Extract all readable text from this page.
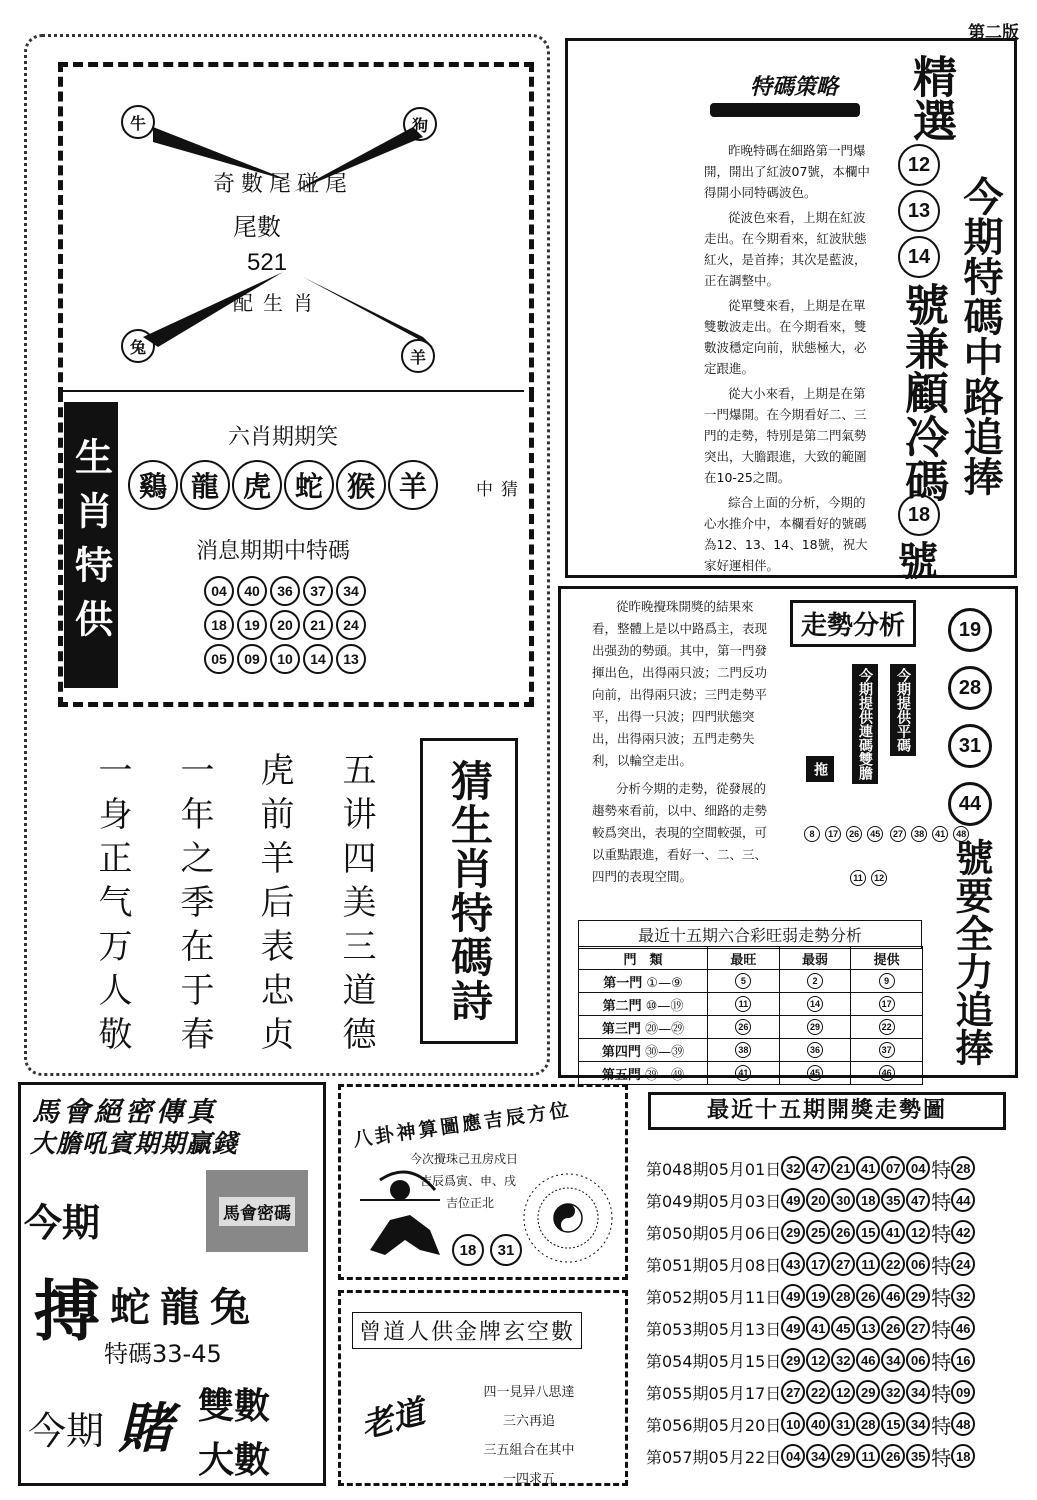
第二版
牛	狗
兔
羊
奇數尾碰尾
尾數
521
配生肖
生肖特供	六肖期期笑
鷄 龍 虎 蛇 猴 羊	猜中
消息期期中特碼
04	40	36	37	34
18	19	20	21	24
05	09	10	14	13
五讲四美三道德
虎前羊后表忠贞
一年之季在于春
一身正气万人敬	猜生肖特碼詩
特碼策略

昨晚特碼在細路第一門爆開，開出了紅波07號，本欄中得開小同特碼波色。

從波色來看，上期在紅波走出。在今期看來，紅波狀態紅火，是首捧；其次是藍波，正在調整中。

從單雙來看，上期是在單雙數波走出。在今期看來，雙數波穩定向前，狀態極大，必定跟進。

從大小來看，上期是在第一門爆開。在今期看好二、三門的走勢，特別是第二門氣勢突出，大膽跟進，大致的範圍在10-25之間。

綜合上面的分析，今期的心水推介中，本欄看好的號碼為12、13、14、18號，祝大家好運相伴。

精選
12
13
14
號兼顧冷碼
18
號
今期特碼中路追捧

從昨晚攪珠開獎的結果來看，整體上是以中路爲主，表现出强劲的勢頭。其中，第一門發揮出色，出得兩只波；二門反功向前，出得兩只波；三門走勢平平，出得一只波；四門狀態突出，出得兩只波；五門走勢失利，以輪空走出。

分析今期的走勢，從發展的趨勢來看前，以中、细路的走勢較爲突出，表現的空間較强，可以重點跟進，看好一、二、三、四門的表現空間。

走勢分析
拖	今期提供連碼雙膽	今期提供平碼
8 17 26 45
11 12
27 38 41 48
19 28 31 44
號要全力追捧
最近十五期六合彩旺弱走勢分析
門　類	最旺	最弱	提供
第一門 ①—⑨	5	2	9
第二門 ⑩—⑲	11	14	17
第三門 ⑳—㉙	26	29	22
第四門 ㉚—㊴	38	36	37
第五門 ㊴—㊾	41	45	46
馬會絕密傳真
大膽吼賓期期贏錢
今期	馬會密碼
搏 蛇龍兔
特碼33-45
今期 賭 雙數
大數
八卦神算圖應吉辰方位
今次攪珠己丑房戍日
吉辰爲寅、申、戌
吉位正北
18	31
曾道人供金牌玄空數
老道	四一見异八思達
三六再追
三五組合在其中
一四求五
最近十五期開獎走勢圖
第048期05月01日 32 47 21 41 07 04 特 28
第049期05月03日 49 20 30 18 35 47 特 44
第050期05月06日 29 25 26 15 41 12 特 42
第051期05月08日 43 17 27 11 22 06 特 24
第052期05月11日 49 19 28 26 46 29 特 32
第053期05月13日 49 41 45 13 26 27 特 46
第054期05月15日 29 12 32 46 34 06 特 16
第055期05月17日 27 22 12 29 32 34 特 09
第056期05月20日 10 40 31 28 15 34 特 48
第057期05月22日 04 34 29 11 26 35 特 18
